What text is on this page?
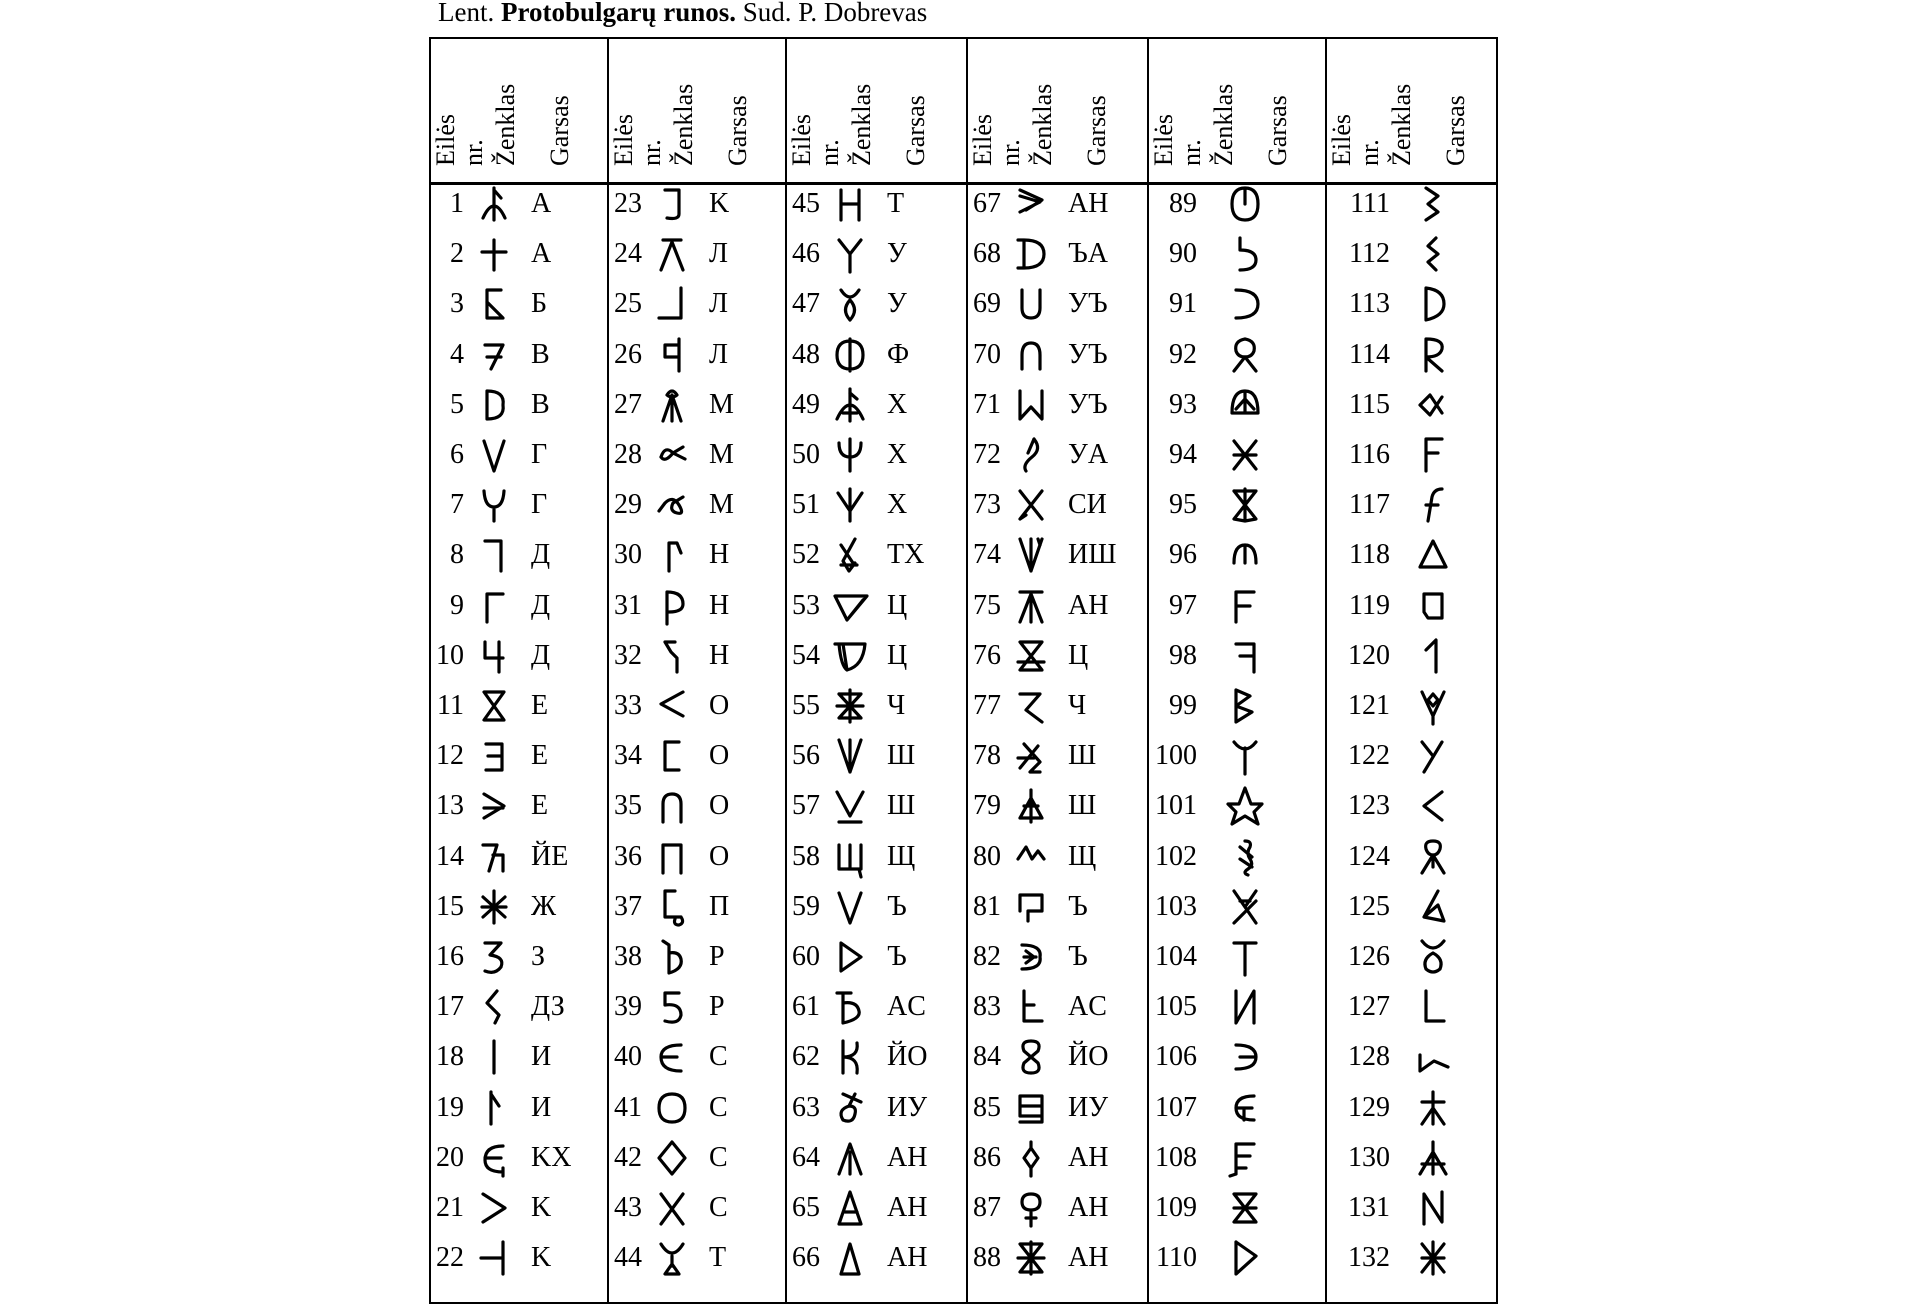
Lent. Protobulgarų runos. Sud. P. Dobrevas
Eilės nr. Ženklas Garsas
1 A
2 A
3 Б
4 B
5 B
6 Г
7 Г
8 Д
9 Д
10 Д
11 E
12 E
13 E
14 ЙE
15 Ж
16 З
17 ДЗ
18 И
19 И
20 KX
21 K
22 K
Eilės nr. Ženklas Garsas
23 K
24 Л
25 Л
26 Л
27 M
28 M
29 M
30 H
31 H
32 H
33 O
34 O
35 O
36 O
37 П
38 P
39 P
40 C
41 C
42 C
43 C
44 T
Eilės nr. Ženklas Garsas
45 T
46 У
47 У
48 Ф
49 X
50 X
51 X
52 TX
53 Ц
54 Ц
55 Ч
56 Ш
57 Ш
58 Щ
59 Ъ
60 Ъ
61 AC
62 ЙO
63 ИУ
64 AH
65 AH
66 AH
Eilės nr. Ženklas Garsas
67 AH
68 ЪA
69 УЪ
70 УЪ
71 УЪ
72 УA
73 CИ
74 ИШ
75 AH
76 Ц
77 Ч
78 Ш
79 Ш
80 Щ
81 Ъ
82 Ъ
83 AC
84 ЙO
85 ИУ
86 AH
87 AH
88 AH
Eilės nr. Ženklas Garsas
89
90
91
92
93
94
95
96
97
98
99
100
101
102
103
104
105
106
107
108
109
110
Eilės nr. Ženklas Garsas
111
112
113
114
115
116
117
118
119
120
121
122
123
124
125
126
127
128
129
130
131
132
